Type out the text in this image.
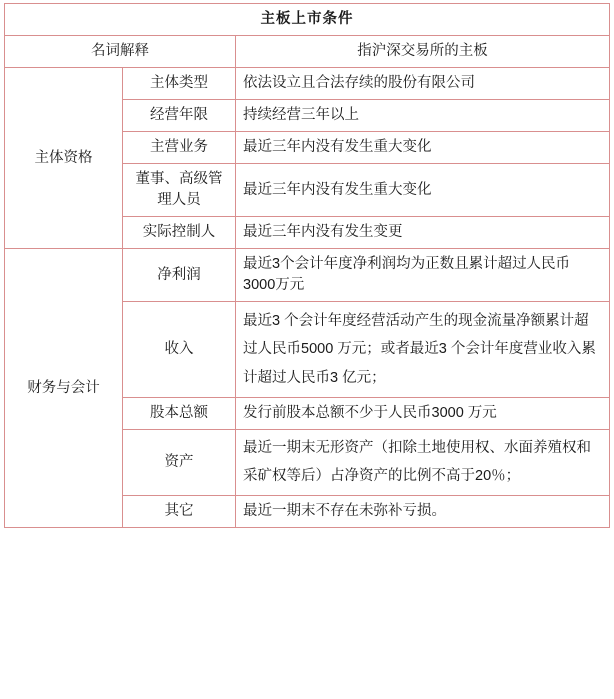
主板上市条件		
名词解释		指沪深交易所的主板
主体资格	主体类型	依法设立且合法存续的股份有限公司
	经营年限	持续经营三年以上
	主营业务	最近三年内没有发生重大变化
	董事、高级管理人员	最近三年内没有发生重大变化
	实际控制人	最近三年内没有发生变更
财务与会计	净利润	最近3个会计年度净利润均为正数且累计超过人民币3000万元
	收入	最近3 个会计年度经营活动产生的现金流量净额累计超过人民币5000 万元；或者最近3 个会计年度营业收入累计超过人民币3 亿元；
	股本总额	发行前股本总额不少于人民币3000 万元
	资产	最近一期末无形资产（扣除土地使用权、水面养殖权和采矿权等后）占净资产的比例不高于20％；
	其它	最近一期末不存在未弥补亏损。
